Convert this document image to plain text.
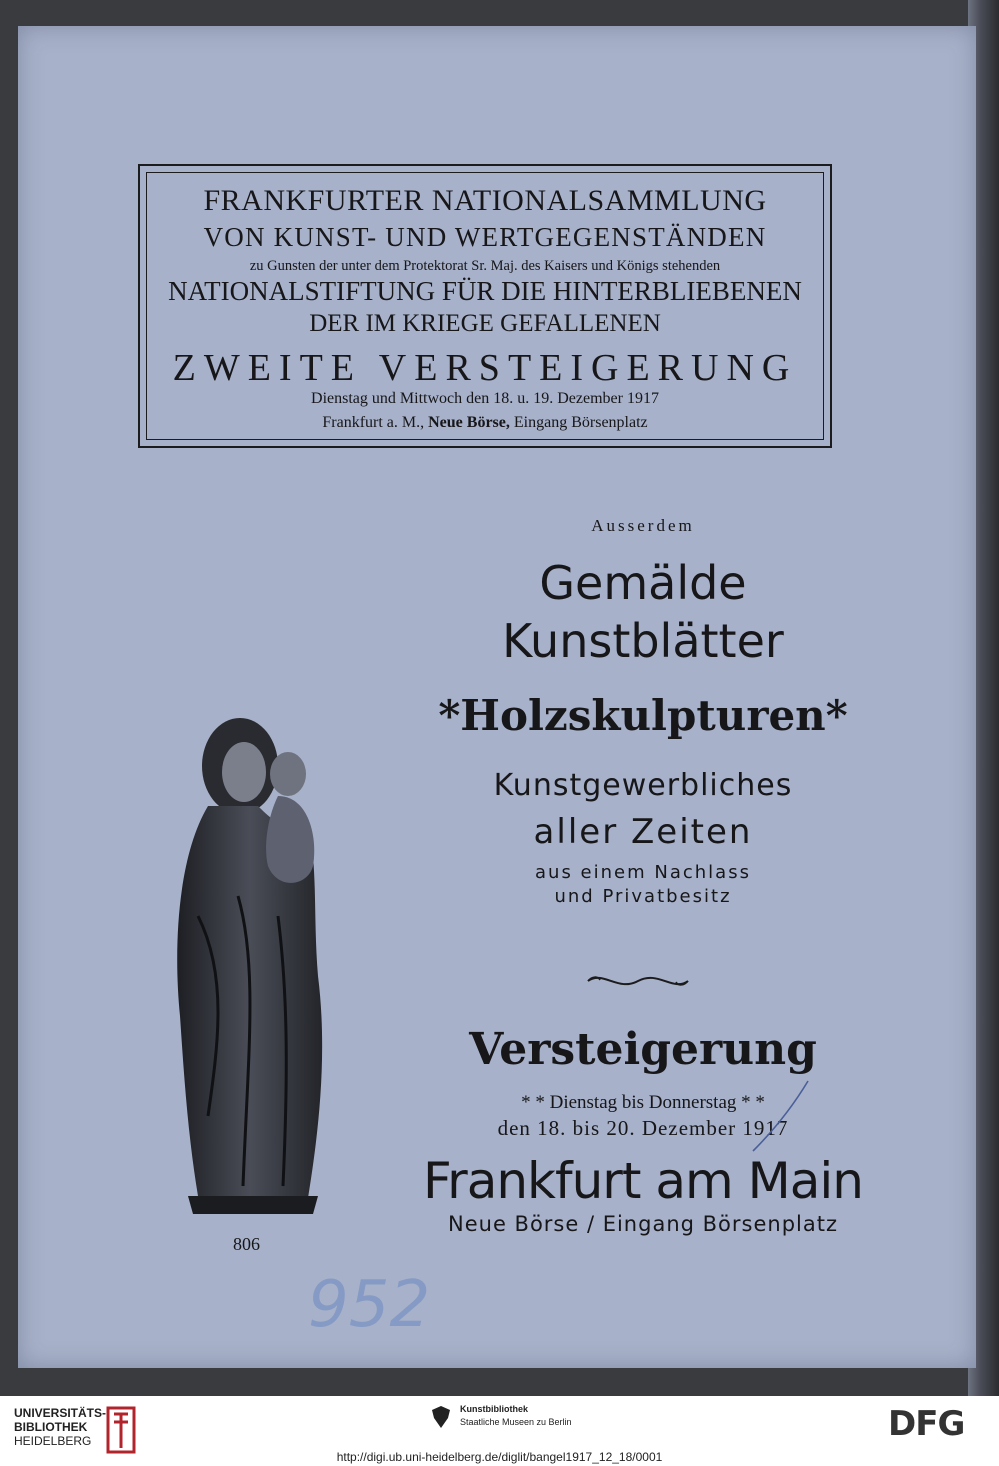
FRANKFURTER NATIONALSAMMLUNG
VON KUNST- UND WERTGEGENSTÄNDEN
zu Gunsten der unter dem Protektorat Sr. Maj. des Kaisers und Königs stehenden
NATIONALSTIFTUNG FÜR DIE HINTERBLIEBENEN
DER IM KRIEGE GEFALLENEN
ZWEITE VERSTEIGERUNG
Dienstag und Mittwoch den 18. u. 19. Dezember 1917
Frankfurt a. M., Neue Börse, Eingang Börsenplatz
Ausserdem
Gemälde
Kunstblätter
*Holzskulpturen*
Kunstgewerbliches
aller Zeiten
aus einem Nachlass
und Privatbesitz
Versteigerung
* * Dienstag bis Donnerstag * *
den 18. bis 20. Dezember 1917
Frankfurt am Main
Neue Börse / Eingang Börsenplatz
806
952
UNIVERSITÄTS-
BIBLIOTHEK
HEIDELBERG
Kunstbibliothek
Staatliche Museen zu Berlin	DFG
http://digi.ub.uni-heidelberg.de/diglit/bangel1917_12_18/0001
